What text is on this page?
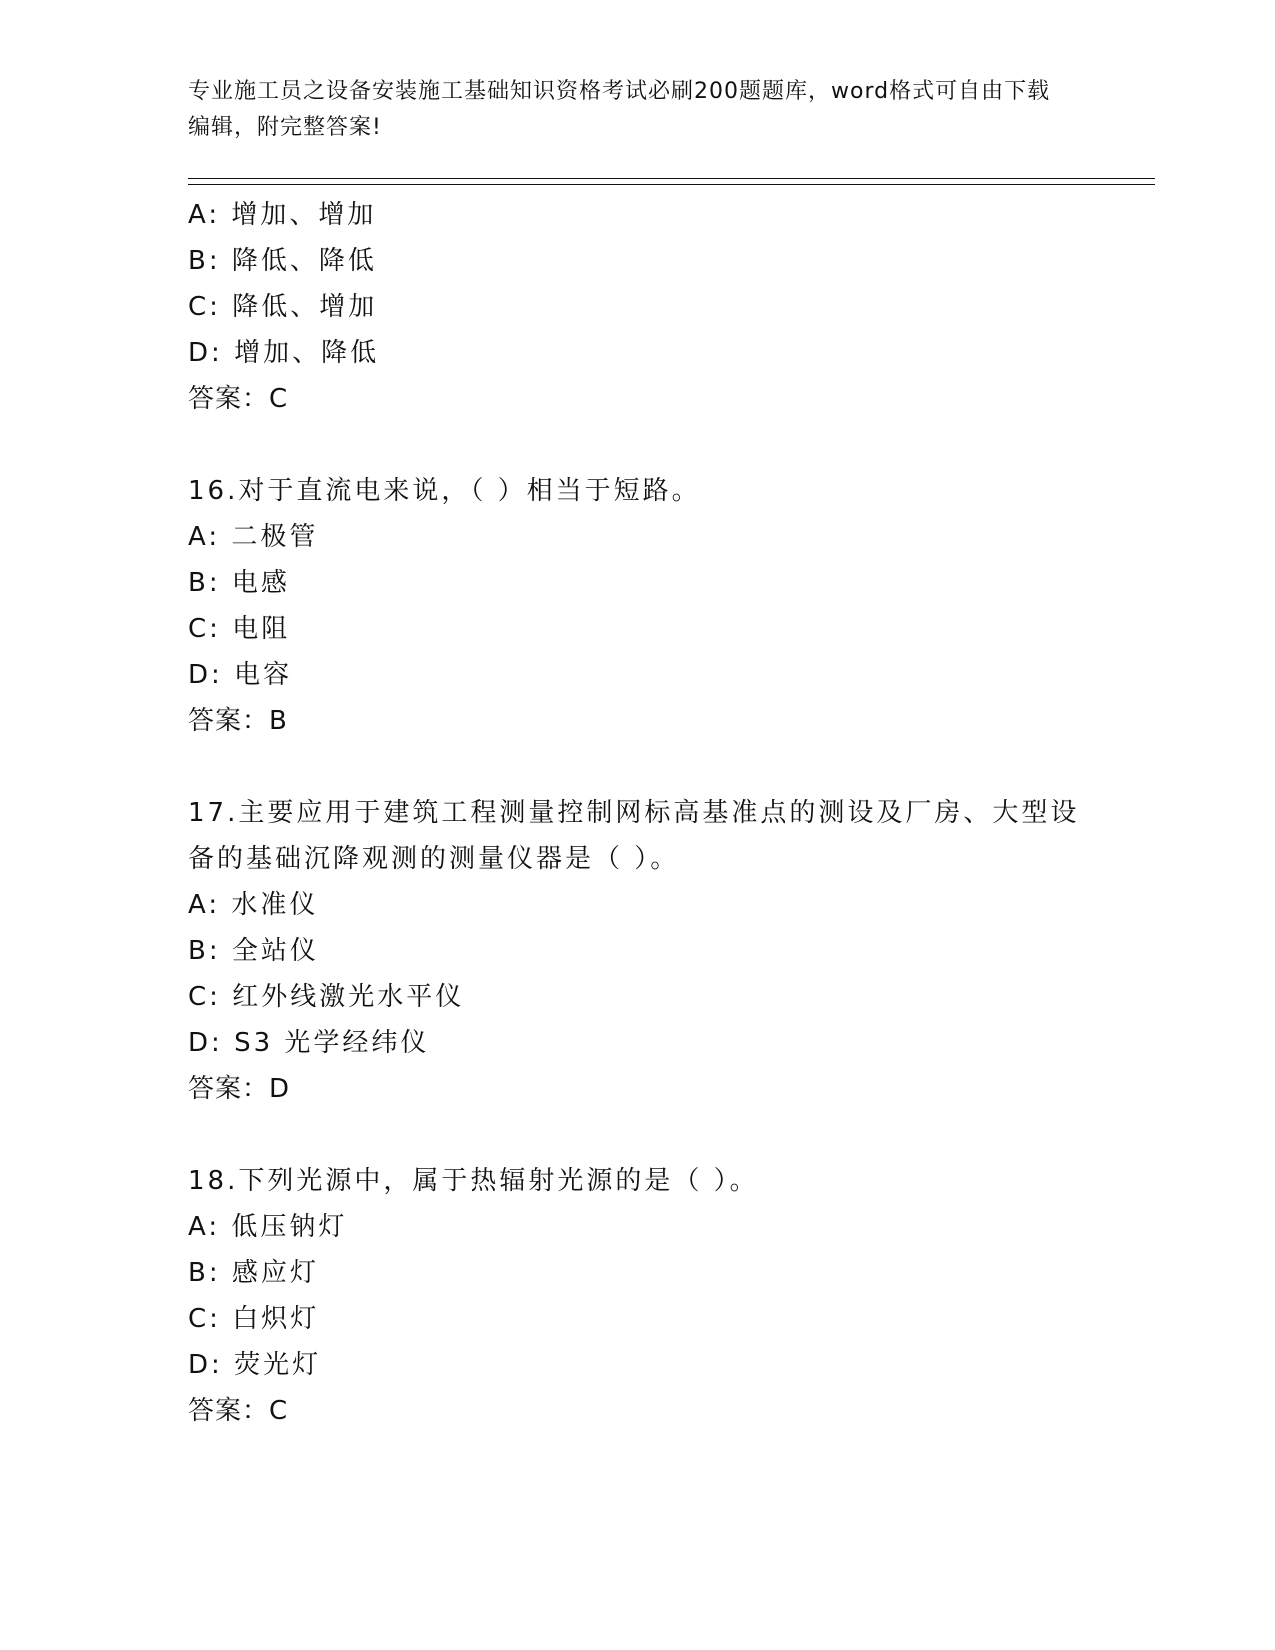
专业施工员之设备安装施工基础知识资格考试必刷200题题库，word格式可自由下载编辑，附完整答案!
A: 增加、增加
B: 降低、降低
C: 降低、增加
D: 增加、降低
答案：C
16.对于直流电来说，（ ）相当于短路。
A: 二极管
B: 电感
C: 电阻
D: 电容
答案：B
17.主要应用于建筑工程测量控制网标高基准点的测设及厂房、大型设备的基础沉降观测的测量仪器是（ ）。
A: 水准仪
B: 全站仪
C: 红外线激光水平仪
D: S3 光学经纬仪
答案：D
18.下列光源中，属于热辐射光源的是（ ）。
A: 低压钠灯
B: 感应灯
C: 白炽灯
D: 荧光灯
答案：C
